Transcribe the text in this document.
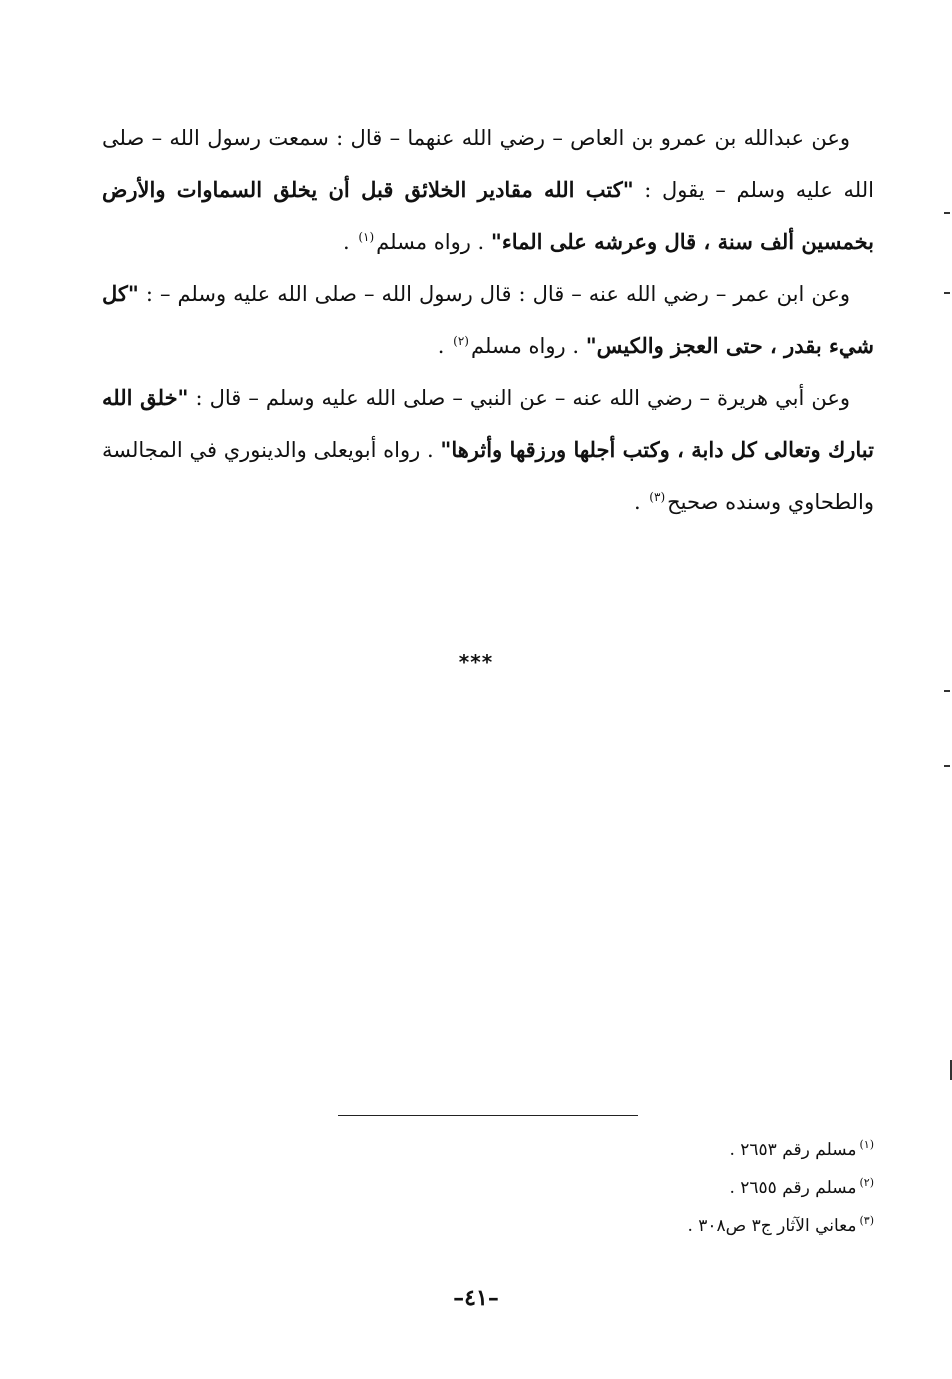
وعن عبدالله بن عمرو بن العاص – رضي الله عنهما – قال : سمعت رسول الله – صلى الله عليه وسلم – يقول : "كتب الله مقادير الخلائق قبل أن يخلق السماوات والأرض بخمسين ألف سنة ، قال وعرشه على الماء" . رواه مسلم$^{(١)}$ .

وعن ابن عمر – رضي الله عنه – قال : قال رسول الله – صلى الله عليه وسلم – : "كل شيء بقدر ، حتى العجز والكيس" . رواه مسلم$^{(٢)}$ .

وعن أبي هريرة – رضي الله عنه – عن النبي – صلى الله عليه وسلم – قال : "خلق الله تبارك وتعالى كل دابة ، وكتب أجلها ورزقها وأثرها" . رواه أبويعلى والدينوري في المجالسة والطحاوي وسنده صحيح$^{(٣)}$ .

***
$^{(١)}$مسلم رقم ٢٦٥٣ .
$^{(٢)}$مسلم رقم ٢٦٥٥ .
$^{(٣)}$معاني الآثار ج٣ ص٣٠٨ .
–٤١–
